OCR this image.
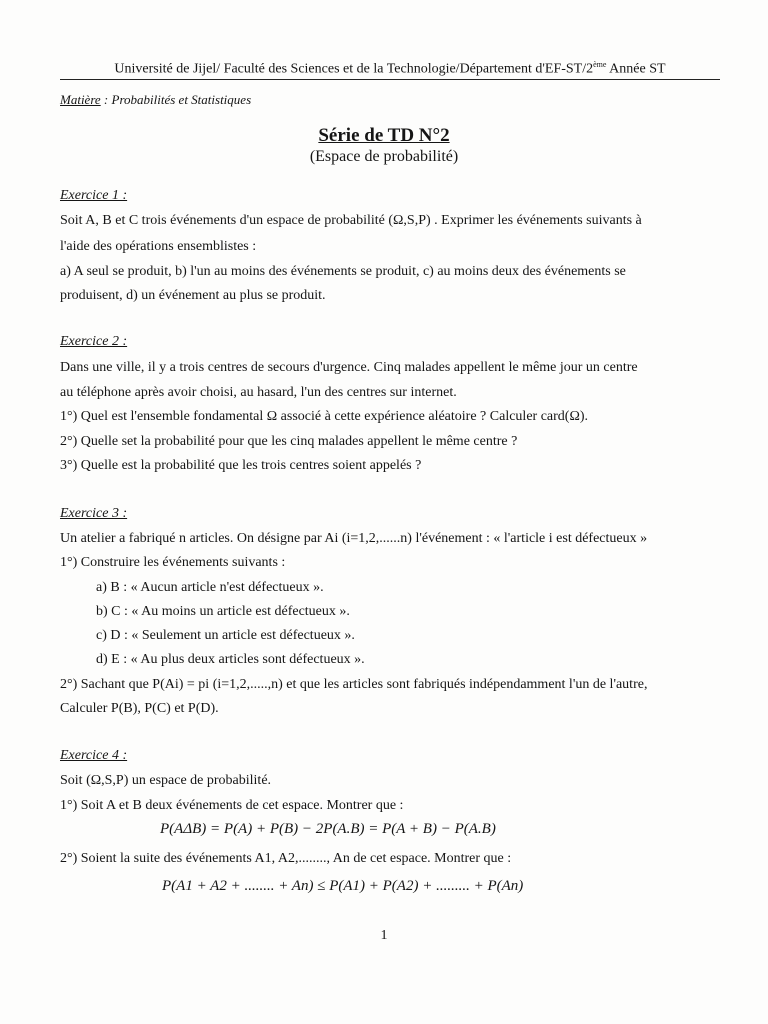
Université de Jijel/ Faculté des Sciences et de la Technologie/Département d'EF-ST/2ème Année ST
Matière : Probabilités et Statistiques
Série de TD N°2
(Espace de probabilité)
Exercice 1 :
Soit A, B et C trois événements d'un espace de probabilité (Ω,S,P) . Exprimer les événements suivants à
l'aide des opérations ensemblistes :
a) A seul se produit, b) l'un au moins des événements se produit, c) au moins deux des événements se
produisent, d) un événement au plus se produit.
Exercice 2 :
Dans une ville, il y a trois centres de secours d'urgence. Cinq malades appellent le même jour un centre
au téléphone après avoir choisi, au hasard, l'un des centres sur internet.
1°) Quel est l'ensemble fondamental Ω associé à cette expérience aléatoire ? Calculer card(Ω).
2°) Quelle set la probabilité pour que les cinq malades appellent le même centre ?
3°) Quelle est la probabilité que les trois centres soient appelés ?
Exercice 3 :
Un atelier a fabriqué n articles. On désigne par Ai (i=1,2,......n) l'événement : « l'article i est défectueux »
1°) Construire les événements suivants :
a) B : « Aucun article n'est défectueux ».
b) C : « Au moins un article est défectueux ».
c) D : « Seulement un article est défectueux ».
d) E : « Au plus deux articles sont défectueux ».
2°) Sachant que P(Ai) = pi (i=1,2,.....,n) et que les articles sont fabriqués indépendamment l'un de l'autre,
Calculer P(B), P(C) et P(D).
Exercice 4 :
Soit (Ω,S,P) un espace de probabilité.
1°) Soit A et B deux événements de cet espace. Montrer que :
P(AΔB) = P(A) + P(B) − 2P(A.B) = P(A + B) − P(A.B)
2°) Soient la suite des événements A1, A2,........, An de cet espace. Montrer que :
P(A1 + A2 + ........ + An) ≤ P(A1) + P(A2) + ......... + P(An)
1
